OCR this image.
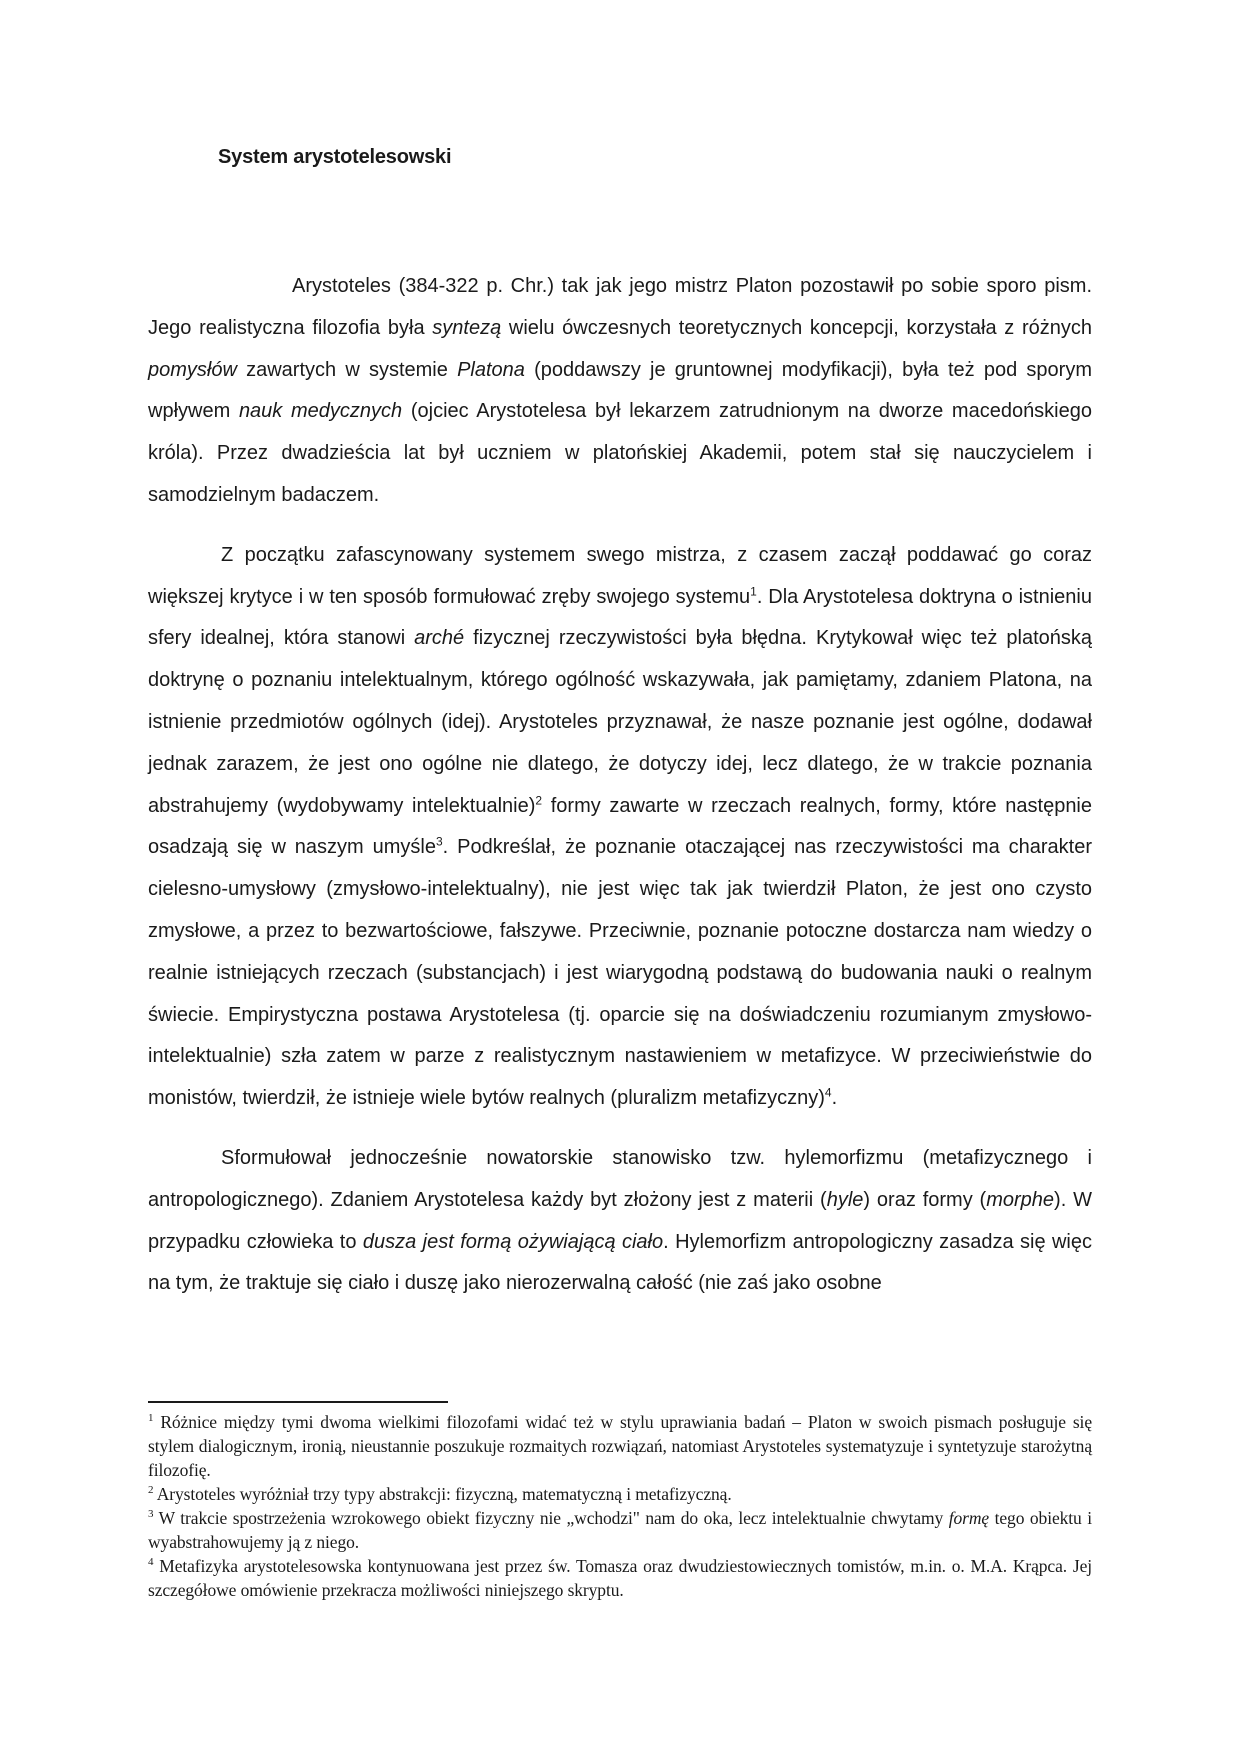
System arystotelesowski

Arystoteles (384-322 p. Chr.) tak jak jego mistrz Platon pozostawił po sobie sporo pism. Jego realistyczna filozofia była syntezą wielu ówczesnych teoretycznych koncepcji, korzystała z różnych pomysłów zawartych w systemie Platona (poddawszy je gruntownej modyfikacji), była też pod sporym wpływem nauk medycznych (ojciec Arystotelesa był lekarzem zatrudnionym na dworze macedońskiego króla). Przez dwadzieścia lat był uczniem w platońskiej Akademii, potem stał się nauczycielem i samodzielnym badaczem.

Z początku zafascynowany systemem swego mistrza, z czasem zaczął poddawać go coraz większej krytyce i w ten sposób formułować zręby swojego systemu$^1$. Dla Arystotelesa doktryna o istnieniu sfery idealnej, która stanowi arché fizycznej rzeczywistości była błędna. Krytykował więc też platońską doktrynę o poznaniu intelektualnym, którego ogólność wskazywała, jak pamiętamy, zdaniem Platona, na istnienie przedmiotów ogólnych (idej). Arystoteles przyznawał, że nasze poznanie jest ogólne, dodawał jednak zarazem, że jest ono ogólne nie dlatego, że dotyczy idej, lecz dlatego, że w trakcie poznania abstrahujemy (wydobywamy intelektualnie)$^2$ formy zawarte w rzeczach realnych, formy, które następnie osadzają się w naszym umyśle$^3$. Podkreślał, że poznanie otaczającej nas rzeczywistości ma charakter cielesno-umysłowy (zmysłowo-intelektualny), nie jest więc tak jak twierdził Platon, że jest ono czysto zmysłowe, a przez to bezwartościowe, fałszywe. Przeciwnie, poznanie potoczne dostarcza nam wiedzy o realnie istniejących rzeczach (substancjach) i jest wiarygodną podstawą do budowania nauki o realnym świecie. Empirystyczna postawa Arystotelesa (tj. oparcie się na doświadczeniu rozumianym zmysłowo-intelektualnie) szła zatem w parze z realistycznym nastawieniem w metafizyce. W przeciwieństwie do monistów, twierdził, że istnieje wiele bytów realnych (pluralizm metafizyczny)$^4$.

Sformułował jednocześnie nowatorskie stanowisko tzw. hylemorfizmu (metafizycznego i antropologicznego). Zdaniem Arystotelesa każdy byt złożony jest z materii (hyle) oraz formy (morphe). W przypadku człowieka to dusza jest formą ożywiającą ciało. Hylemorfizm antropologiczny zasadza się więc na tym, że traktuje się ciało i duszę jako nierozerwalną całość (nie zaś jako osobne

$^1$ Różnice między tymi dwoma wielkimi filozofami widać też w stylu uprawiania badań – Platon w swoich pismach posługuje się stylem dialogicznym, ironią, nieustannie poszukuje rozmaitych rozwiązań, natomiast Arystoteles systematyzuje i syntetyzuje starożytną filozofię.

$^2$ Arystoteles wyróżniał trzy typy abstrakcji: fizyczną, matematyczną i metafizyczną.

$^3$ W trakcie spostrzeżenia wzrokowego obiekt fizyczny nie „wchodzi" nam do oka, lecz intelektualnie chwytamy formę tego obiektu i wyabstrahowujemy ją z niego.

$^4$ Metafizyka arystotelesowska kontynuowana jest przez św. Tomasza oraz dwudziestowiecznych tomistów, m.in. o. M.A. Krąpca. Jej szczegółowe omówienie przekracza możliwości niniejszego skryptu.
